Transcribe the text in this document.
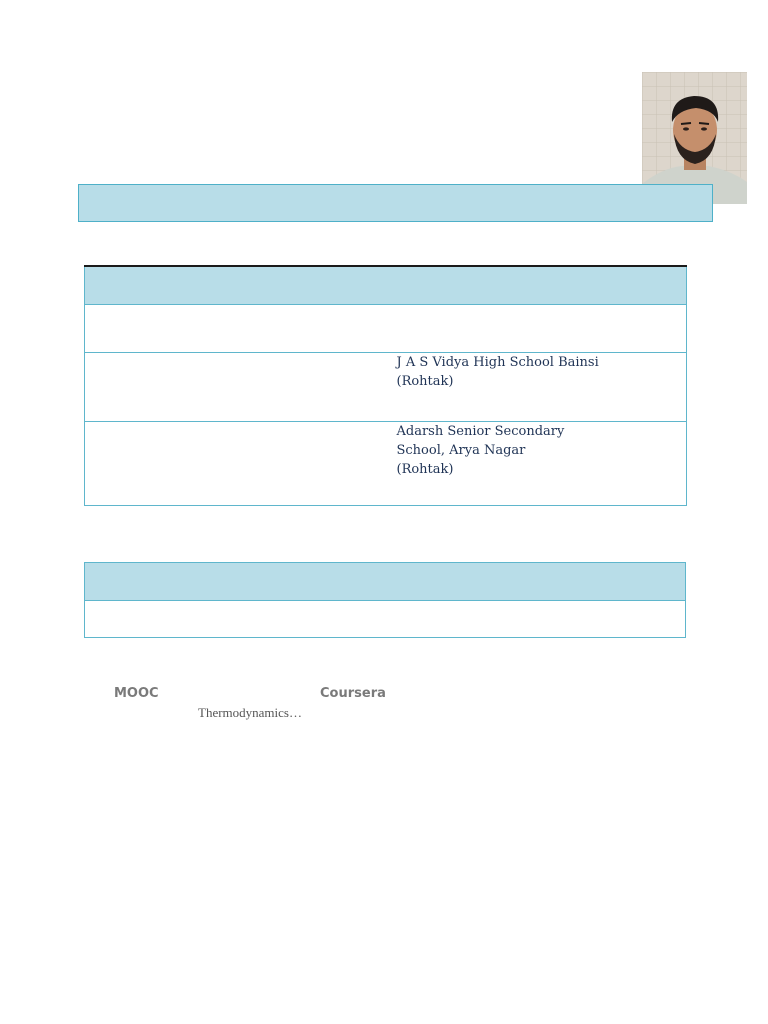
	J A S Vidya High School Bainsi

(Rohtak)

	Adarsh Senior Secondary

School, Arya Nagar

(Rohtak)

MOOC	Coursera
Thermodynamics…
